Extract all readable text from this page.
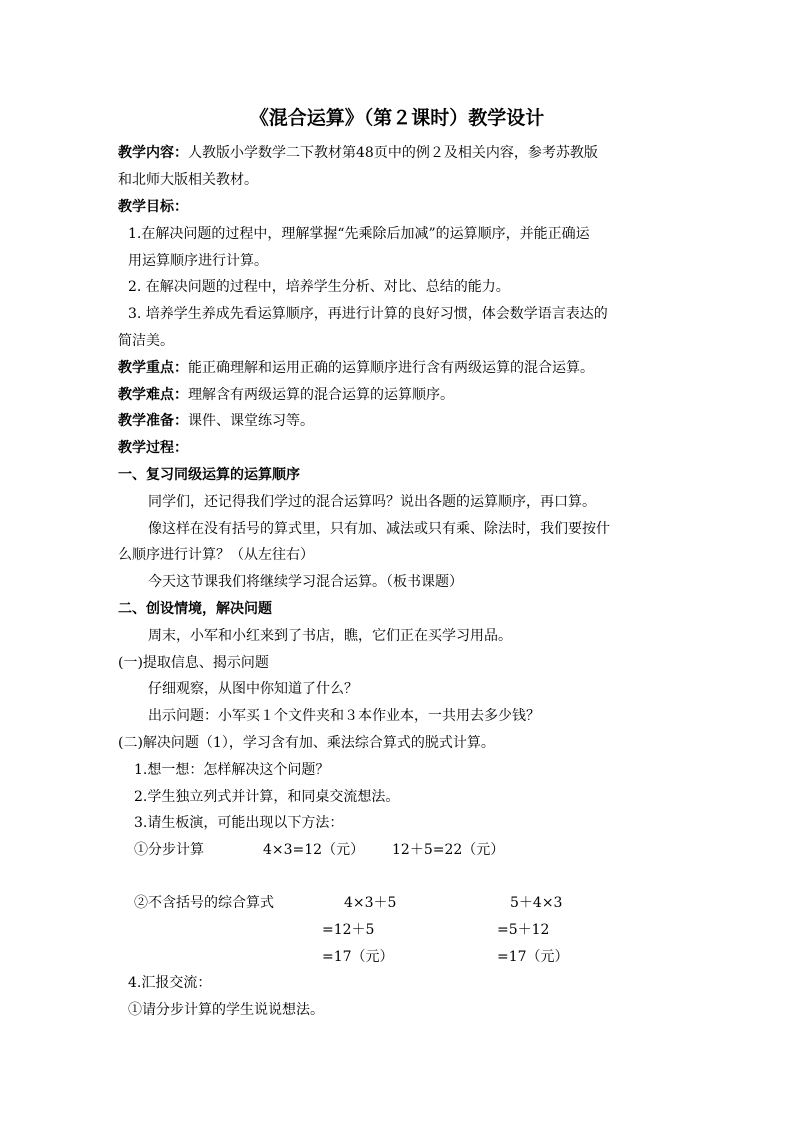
《混合运算》（第２课时）教学设计
教学内容：人教版小学数学二下教材第48页中的例２及相关内容，参考苏教版
和北师大版相关教材。
教学目标：
1.在解决问题的过程中，理解掌握“先乘除后加减”的运算顺序，并能正确运
用运算顺序进行计算。
2. 在解决问题的过程中，培养学生分析、对比、总结的能力。
3. 培养学生养成先看运算顺序，再进行计算的良好习惯，体会数学语言表达的
简洁美。
教学重点：能正确理解和运用正确的运算顺序进行含有两级运算的混合运算。
教学难点：理解含有两级运算的混合运算的运算顺序。
教学准备：课件、课堂练习等。
教学过程：
一、复习同级运算的运算顺序
同学们，还记得我们学过的混合运算吗？说出各题的运算顺序，再口算。
像这样在没有括号的算式里，只有加、减法或只有乘、除法时，我们要按什
么顺序进行计算？（从左往右）
今天这节课我们将继续学习混合运算。（板书课题）
二、创设情境，解决问题
周末，小军和小红来到了书店，瞧，它们正在买学习用品。
(一)提取信息、揭示问题
仔细观察，从图中你知道了什么？
出示问题：小军买１个文件夹和３本作业本，一共用去多少钱？
(二)解决问题（1），学习含有加、乘法综合算式的脱式计算。
1.想一想：怎样解决这个问题？
2.学生独立列式并计算，和同桌交流想法。
3.请生板演，可能出现以下方法：
①分步计算	4×3=12（元） 12＋5=22（元）
②不含括号的综合算式	4×3＋5
=12＋5
=17（元）
5＋4×3
=5＋12
=17（元）
4.汇报交流：
①请分步计算的学生说说想法。
